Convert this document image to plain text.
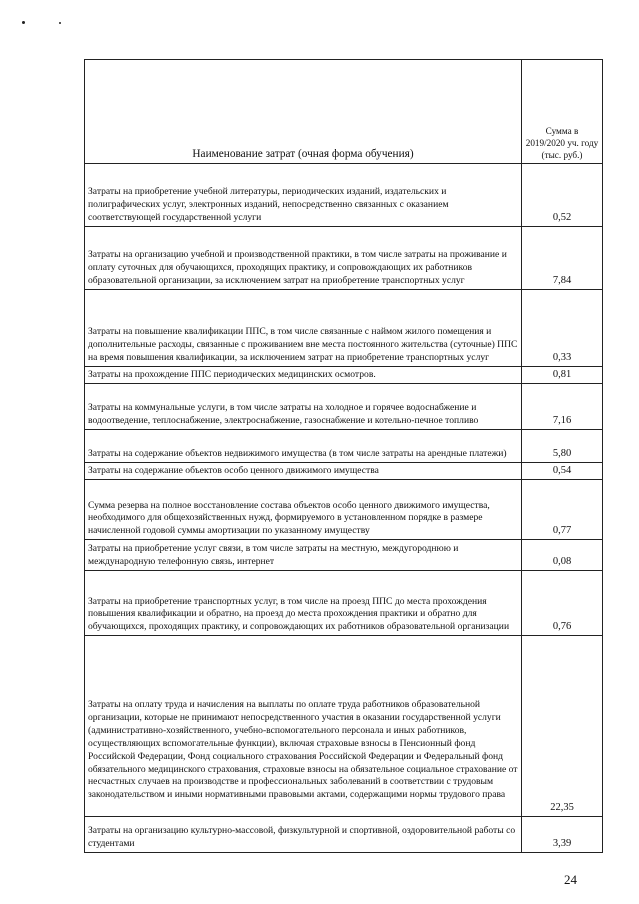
Наименование затрат (очная форма обучения)	Сумма в 2019/2020 уч. году (тыс. руб.)
Затраты на приобретение учебной литературы, периодических изданий, издательских и полиграфических услуг, электронных изданий, непосредственно связанных с оказанием соответствующей государственной услуги	0,52
Затраты на организацию учебной и производственной практики, в том числе затраты на проживание и оплату суточных для обучающихся, проходящих практику, и сопровождающих их работников образовательной организации, за исключением затрат на приобретение транспортных услуг	7,84
Затраты на повышение квалификации ППС, в том числе связанные с наймом жилого помещения и дополнительные расходы, связанные с проживанием вне места постоянного жительства (суточные) ППС на время повышения квалификации, за исключением затрат на приобретение транспортных услуг	0,33
Затраты на прохождение ППС периодических медицинских осмотров.	0,81
Затраты на коммунальные услуги, в том числе затраты на холодное и горячее водоснабжение и водоотведение, теплоснабжение, электроснабжение, газоснабжение и котельно-печное топливо	7,16
Затраты на содержание объектов недвижимого имущества (в том числе затраты на арендные платежи)	5,80
Затраты на содержание объектов особо ценного движимого имущества	0,54
Сумма резерва на полное восстановление состава объектов особо ценного движимого имущества, необходимого для общехозяйственных нужд, формируемого в установленном порядке в размере начисленной годовой суммы амортизации по указанному имуществу	0,77
Затраты на приобретение услуг связи, в том числе затраты на местную, междугороднюю и международную телефонную связь, интернет	0,08
Затраты на приобретение транспортных услуг, в том числе на проезд ППС до места прохождения повышения квалификации и обратно, на проезд до места прохождения практики и обратно для обучающихся, проходящих практику, и сопровождающих их работников образовательной организации	0,76
Затраты на оплату труда и начисления на выплаты по оплате труда работников образовательной организации, которые не принимают непосредственного участия в оказании государственной услуги (административно-хозяйственного, учебно-вспомогательного персонала и иных работников, осуществляющих вспомогательные функции), включая страховые взносы в Пенсионный фонд Российской Федерации, Фонд социального страхования Российской Федерации и Федеральный фонд обязательного медицинского страхования, страховые взносы на обязательное социальное страхование от несчастных случаев на производстве и профессиональных заболеваний в соответствии с трудовым законодательством и иными нормативными правовыми актами, содержащими нормы трудового права	22,35
Затраты на организацию культурно-массовой, физкультурной и спортивной, оздоровительной работы со студентами	3,39
24
